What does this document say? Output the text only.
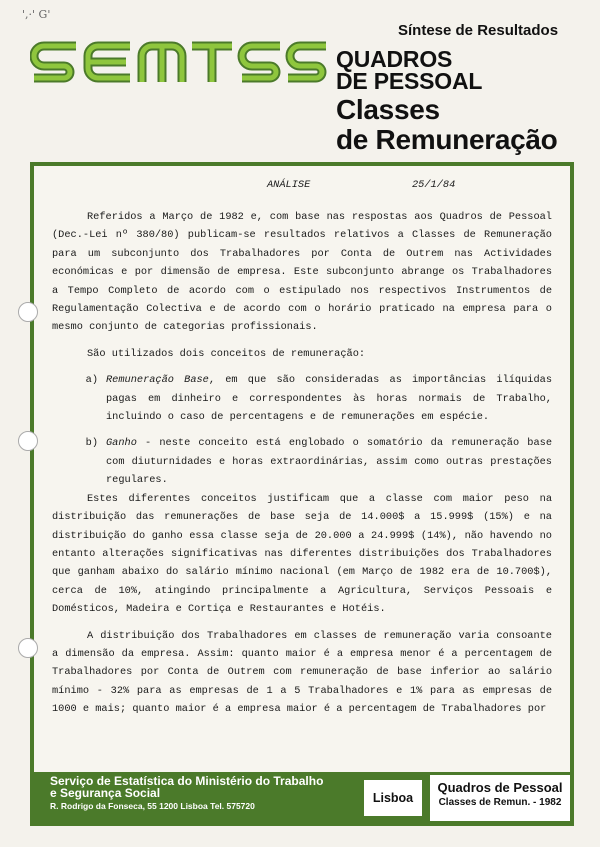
',·' G'
Síntese de Resultados
QUADROS
DE PESSOAL
Classes
de Remuneração
ANÁLISE	25/1/84

Referidos a Março de 1982 e, com base nas respostas aos Quadros de Pessoal (Dec.-Lei nº 380/80) publicam-se resultados relativos a Classes de Remuneração para um subconjunto dos Trabalhadores por Conta de Outrem nas Actividades económicas e por dimensão de empresa. Este subconjunto abrange os Trabalhadores a Tempo Completo de acordo com o estipulado nos respectivos Instrumentos de Regulamentação Colectiva e de acordo com o horário praticado na empresa para o mesmo conjunto de categorias profissionais.

São utilizados dois conceitos de remuneração:

a) Remuneração Base, em que são consideradas as importâncias ilíquidas pagas em dinheiro e correspondentes às horas normais de Trabalho, incluindo o caso de percentagens e de remunerações em espécie.
b) Ganho - neste conceito está englobado o somatório da remuneração base com diuturnidades e horas extraordinárias, assim como outras prestações regulares.

Estes diferentes conceitos justificam que a classe com maior peso na distribuição das remunerações de base seja de 14.000$ a 15.999$ (15%) e na distribuição do ganho essa classe seja de 20.000 a 24.999$ (14%), não havendo no entanto alterações significativas nas diferentes distribuições dos Trabalhadores que ganham abaixo do salário mínimo nacional (em Março de 1982 era de 10.700$), cerca de 10%, atingindo principalmente a Agricultura, Serviços Pessoais e Domésticos, Madeira e Cortiça e Restaurantes e Hotéis.

A distribuição dos Trabalhadores em classes de remuneração varia consoante a dimensão da empresa. Assim: quanto maior é a empresa menor é a percentagem de Trabalhadores por Conta de Outrem com remuneração de base inferior ao salário mínimo - 32% para as empresas de 1 a 5 Trabalhadores e 1% para as empresas de 1000 e mais; quanto maior é a empresa maior é a percentagem de Trabalhadores por

Serviço de Estatística do Ministério do Trabalho
e Segurança Social
R. Rodrigo da Fonseca, 55 1200 Lisboa Tel. 575720
Lisboa
Quadros de Pessoal
Classes de Remun. - 1982
